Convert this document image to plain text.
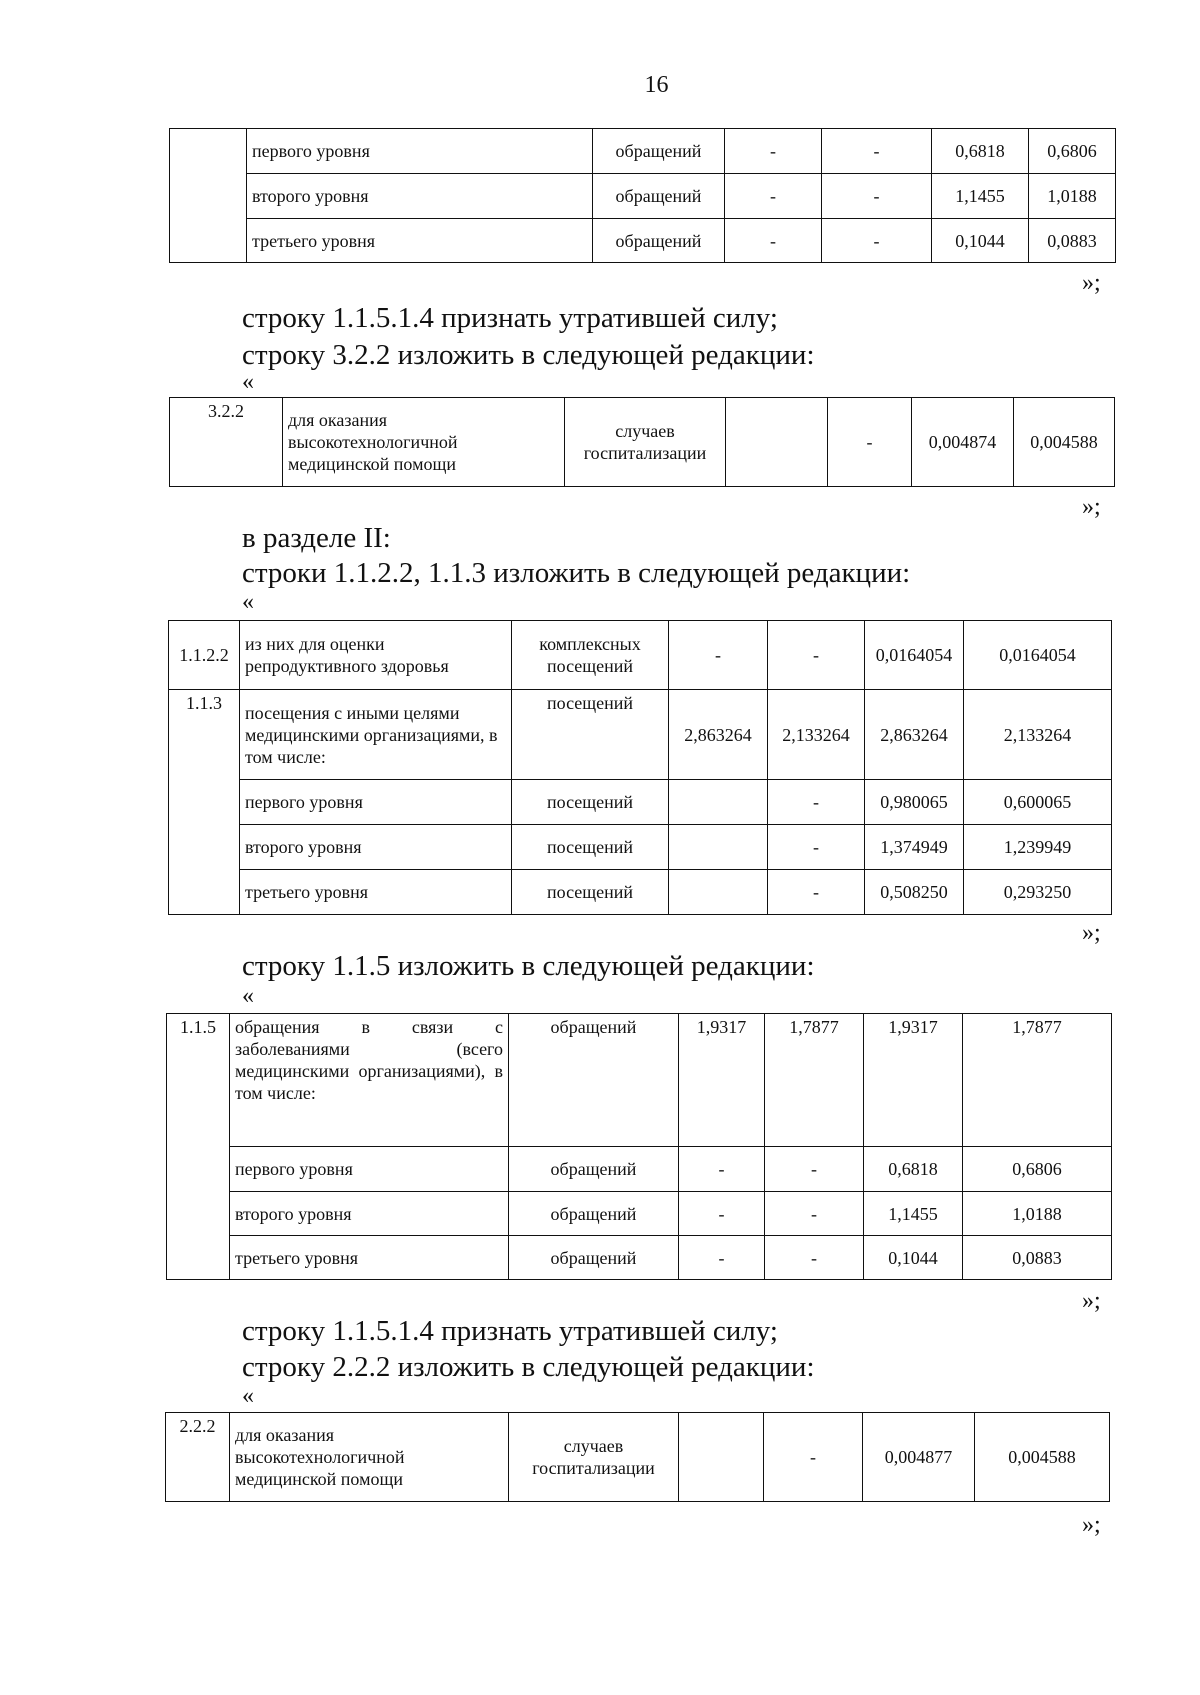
16
	первого уровня	обращений	-	-	0,6818	0,6806
	второго уровня	обращений	-	-	1,1455	1,0188
	третьего уровня	обращений	-	-	0,1044	0,0883
»;
строку 1.1.5.1.4 признать утратившей силу;
строку 3.2.2 изложить в следующей редакции:
«
3.2.2	для оказания высокотехнологичной медицинской помощи	случаев госпитализации		-	0,004874	0,004588
»;
в разделе II:
строки 1.1.2.2, 1.1.3 изложить в следующей редакции:
«
1.1.2.2	из них для оценки репродуктивного здоровья	комплексных посещений	-	-	0,0164054	0,0164054
1.1.3	посещения с иными целями медицинскими организациями, в том числе:	посещений	2,863264	2,133264	2,863264	2,133264
	первого уровня	посещений		-	0,980065	0,600065
	второго уровня	посещений		-	1,374949	1,239949
	третьего уровня	посещений		-	0,508250	0,293250
»;
строку 1.1.5 изложить в следующей редакции:
«
1.1.5	обращения в связи с заболеваниями (всего медицинскими организациями), в том числе:	обращений	1,9317	1,7877	1,9317	1,7877
	первого уровня	обращений	-	-	0,6818	0,6806
	второго уровня	обращений	-	-	1,1455	1,0188
	третьего уровня	обращений	-	-	0,1044	0,0883
»;
строку 1.1.5.1.4 признать утратившей силу;
строку 2.2.2 изложить в следующей редакции:
«
2.2.2	для оказания высокотехнологичной медицинской помощи	случаев госпитализации		-	0,004877	0,004588
»;
